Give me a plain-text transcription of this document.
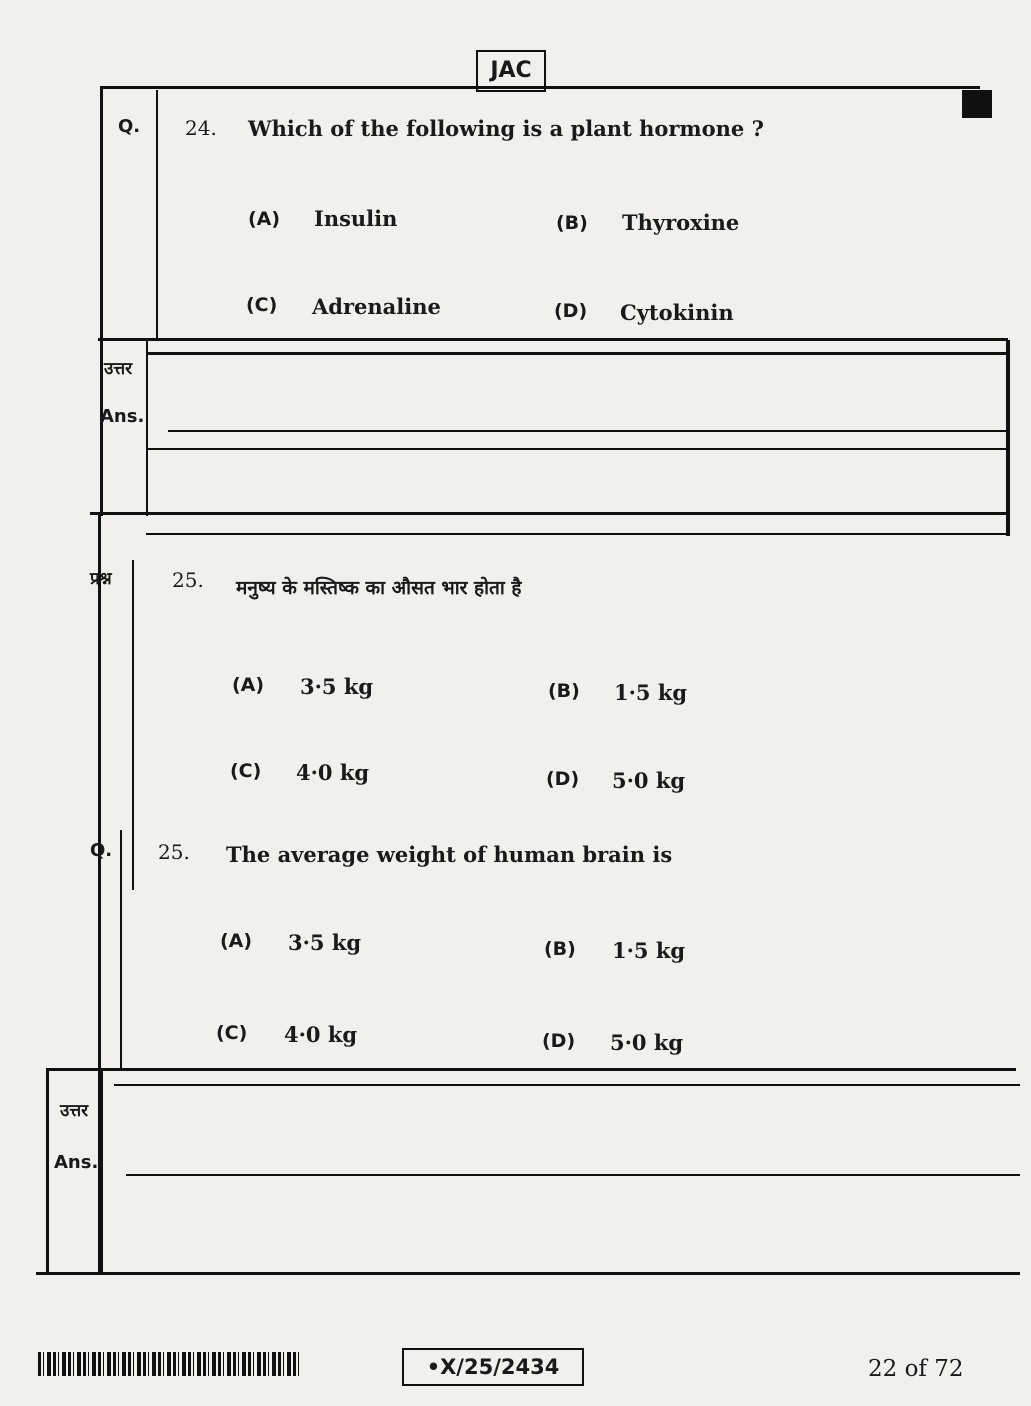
JAC
Q. 24. Which of the following is a plant hormone ?
(A) Insulin	(B) Thyroxine
(C) Adrenaline	(D) Cytokinin
उत्तर
Ans.
प्रश्न	25. मनुष्य के मस्तिष्क का औसत भार होता है
(A) 3·5 kg	(B) 1·5 kg
(C) 4·0 kg	(D) 5·0 kg
Q. 25. The average weight of human brain is
(A) 3·5 kg	(B) 1·5 kg
(C) 4·0 kg	(D) 5·0 kg
उत्तर
Ans.
•X/25/2434	22 of 72
